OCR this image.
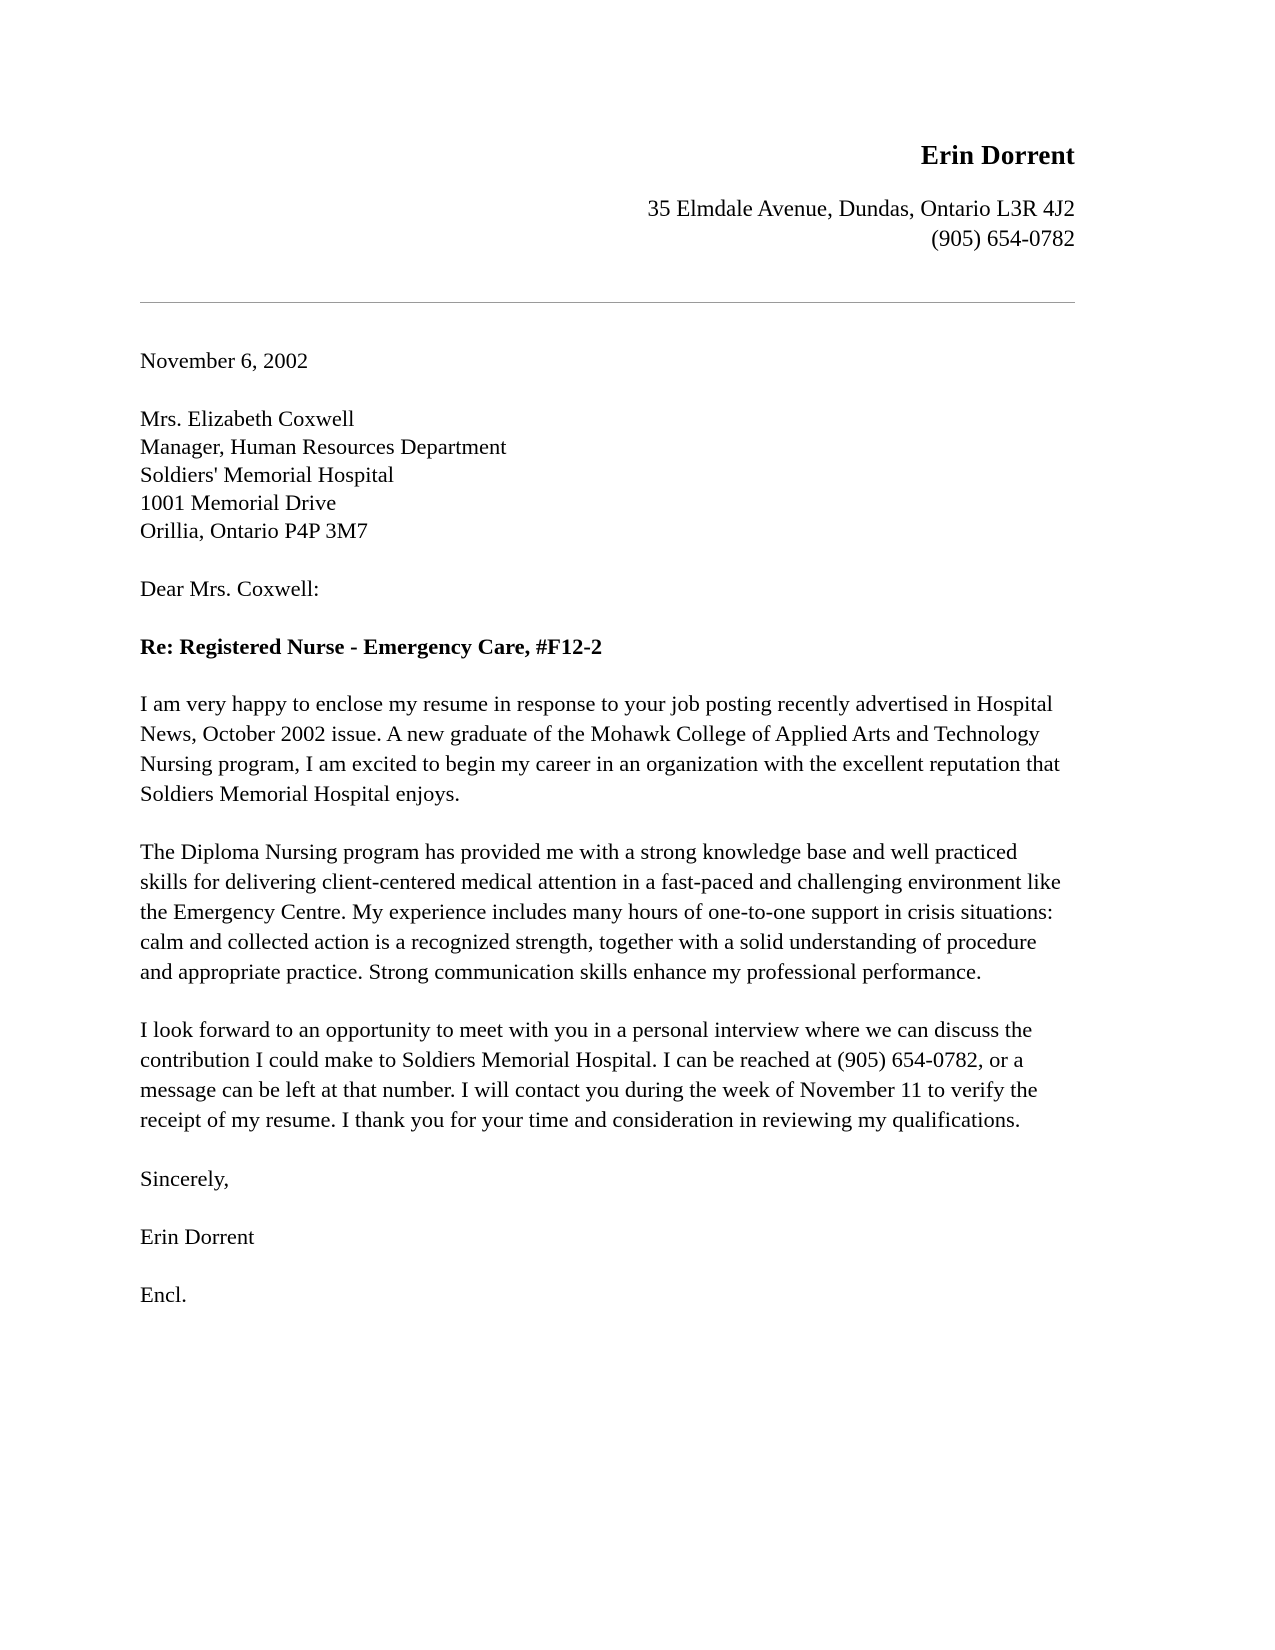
Erin Dorrent
35 Elmdale Avenue, Dundas, Ontario L3R 4J2
(905) 654-0782
November 6, 2002
Mrs. Elizabeth Coxwell
Manager, Human Resources Department
Soldiers' Memorial Hospital
1001 Memorial Drive
Orillia, Ontario P4P 3M7
Dear Mrs. Coxwell:
Re: Registered Nurse - Emergency Care, #F12-2

I am very happy to enclose my resume in response to your job posting recently advertised in Hospital News, October 2002 issue. A new graduate of the Mohawk College of Applied Arts and Technology Nursing program, I am excited to begin my career in an organization with the excellent reputation that Soldiers Memorial Hospital enjoys.

The Diploma Nursing program has provided me with a strong knowledge base and well practiced skills for delivering client-centered medical attention in a fast-paced and challenging environment like the Emergency Centre. My experience includes many hours of one-to-one support in crisis situations: calm and collected action is a recognized strength, together with a solid understanding of procedure and appropriate practice. Strong communication skills enhance my professional performance.

I look forward to an opportunity to meet with you in a personal interview where we can discuss the contribution I could make to Soldiers Memorial Hospital. I can be reached at (905) 654-0782, or a message can be left at that number. I will contact you during the week of November 11 to verify the receipt of my resume. I thank you for your time and consideration in reviewing my qualifications.

Sincerely,
Erin Dorrent
Encl.
